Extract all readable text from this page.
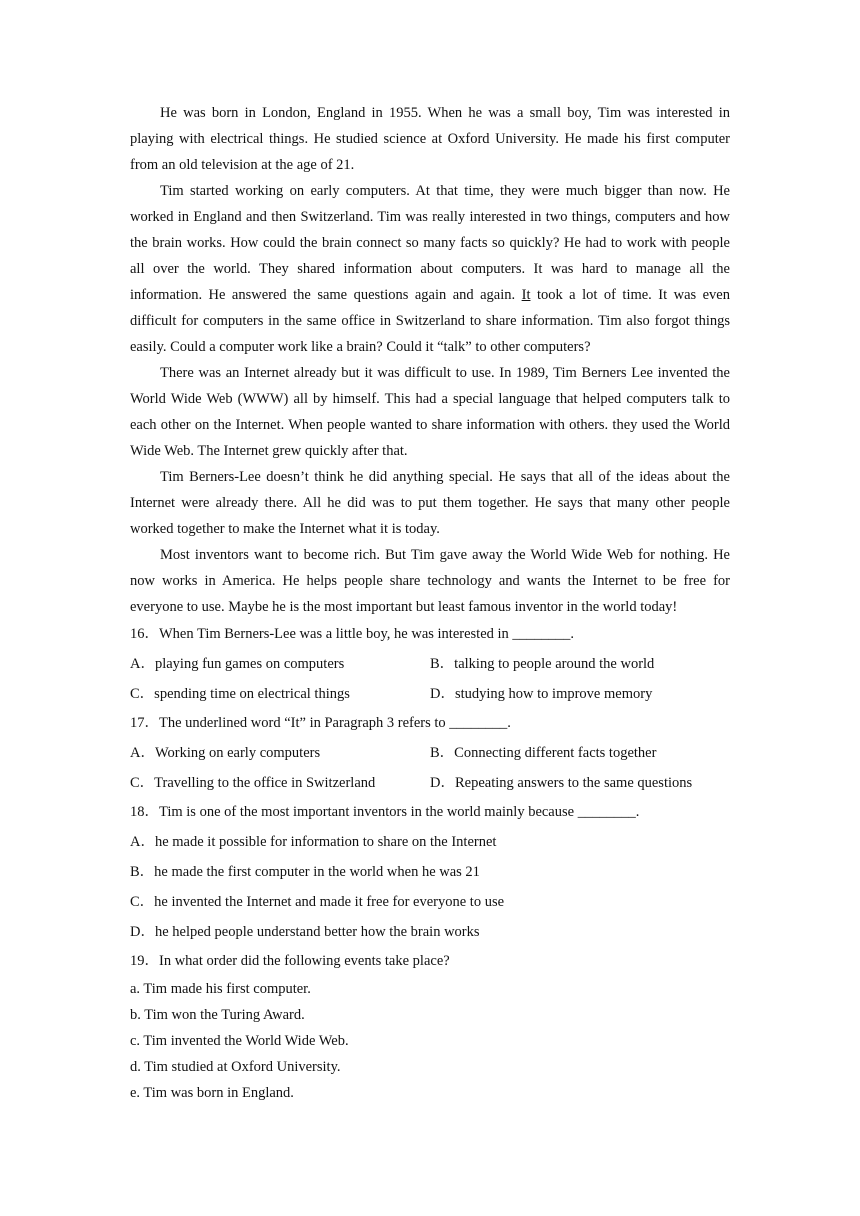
He was born in London, England in 1955. When he was a small boy, Tim was interested in playing with electrical things. He studied science at Oxford University. He made his first computer from an old television at the age of 21.

Tim started working on early computers. At that time, they were much bigger than now. He worked in England and then Switzerland. Tim was really interested in two things, computers and how the brain works. How could the brain connect so many facts so quickly? He had to work with people all over the world. They shared information about computers. It was hard to manage all the information. He answered the same questions again and again. It took a lot of time. It was even difficult for computers in the same office in Switzerland to share information. Tim also forgot things easily. Could a computer work like a brain? Could it “talk” to other computers?

There was an Internet already but it was difficult to use. In 1989, Tim Berners Lee invented the World Wide Web (WWW) all by himself. This had a special language that helped computers talk to each other on the Internet. When people wanted to share information with others. they used the World Wide Web. The Internet grew quickly after that.

Tim Berners-Lee doesn’t think he did anything special. He says that all of the ideas about the Internet were already there. All he did was to put them together. He says that many other people worked together to make the Internet what it is today.

Most inventors want to become rich. But Tim gave away the World Wide Web for nothing. He now works in America. He helps people share technology and wants the Internet to be free for everyone to use. Maybe he is the most important but least famous inventor in the world today!

16．When Tim Berners-Lee was a little boy, he was interested in ________.

A．playing fun games on computers	B．talking to people around the world
C．spending time on electrical things	D．studying how to improve memory

17．The underlined word “It” in Paragraph 3 refers to ________.

A．Working on early computers	B．Connecting different facts together
C．Travelling to the office in Switzerland	D．Repeating answers to the same questions

18．Tim is one of the most important inventors in the world mainly because ________.

A．he made it possible for information to share on the Internet
B．he made the first computer in the world when he was 21
C．he invented the Internet and made it free for everyone to use
D．he helped people understand better how the brain works

19．In what order did the following events take place?

a. Tim made his first computer.
b. Tim won the Turing Award.
c. Tim invented the World Wide Web.
d. Tim studied at Oxford University.
e. Tim was born in England.
